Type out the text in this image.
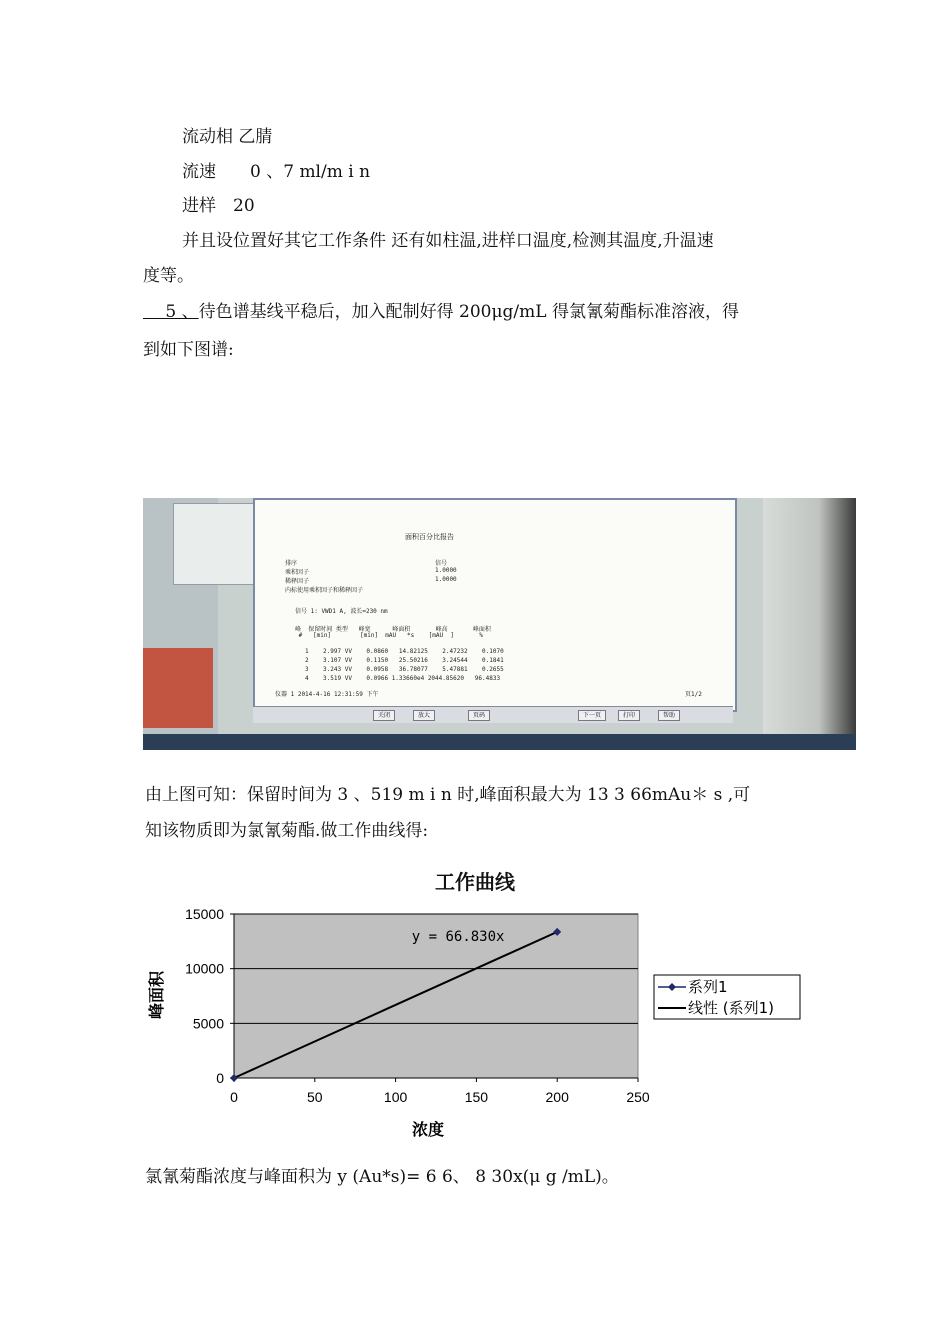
流动相 乙腈
流速　　0 、7 ml/m i n
进样　20
并且设位置好其它工作条件 还有如柱温,进样口温度,检测其温度,升温速
度等。
　 5 、待色谱基线平稳后，加入配制好得 200μg/mL 得氯氰菊酯标准溶液，得
到如下图谱:
面积百分比报告
排序	信号
乘积因子	1.0000
稀释因子	1.0000
内标使用乘积因子和稀释因子
信号 1: VWD1 A, 波长=230 nm
峰  保留时间 类型   峰宽      峰面积       峰高       峰面积
#   [min]        [min]  mAU   *s    [mAU  ]       %
1    2.997 VV    0.0860   14.82125    2.47232    0.1070
2    3.107 VV    0.1150   25.50216    3.24544    0.1841
3    3.243 VV    0.0958   36.78077    5.47881    0.2655
4    3.519 VV    0.0966 1.33660e4 2044.85620   96.4833
仪器 1 2014-4-16 12:31:59 下午	页1/2
关闭	放大	页码	下一页	打印	帮助
由上图可知：保留时间为 3 、519 m i n 时,峰面积最大为 13 3 66mAu＊ s ,可
知该物质即为氯氰菊酯.做工作曲线得:
工作曲线
0
5000
10000
15000
0	50	100	150	200	250
y = 66.830x
浓度
峰面积	系列1
线性 (系列1)
氯氰菊酯浓度与峰面积为 y (Au*s)= 6 6、 8 30x(μ g /mL)。
